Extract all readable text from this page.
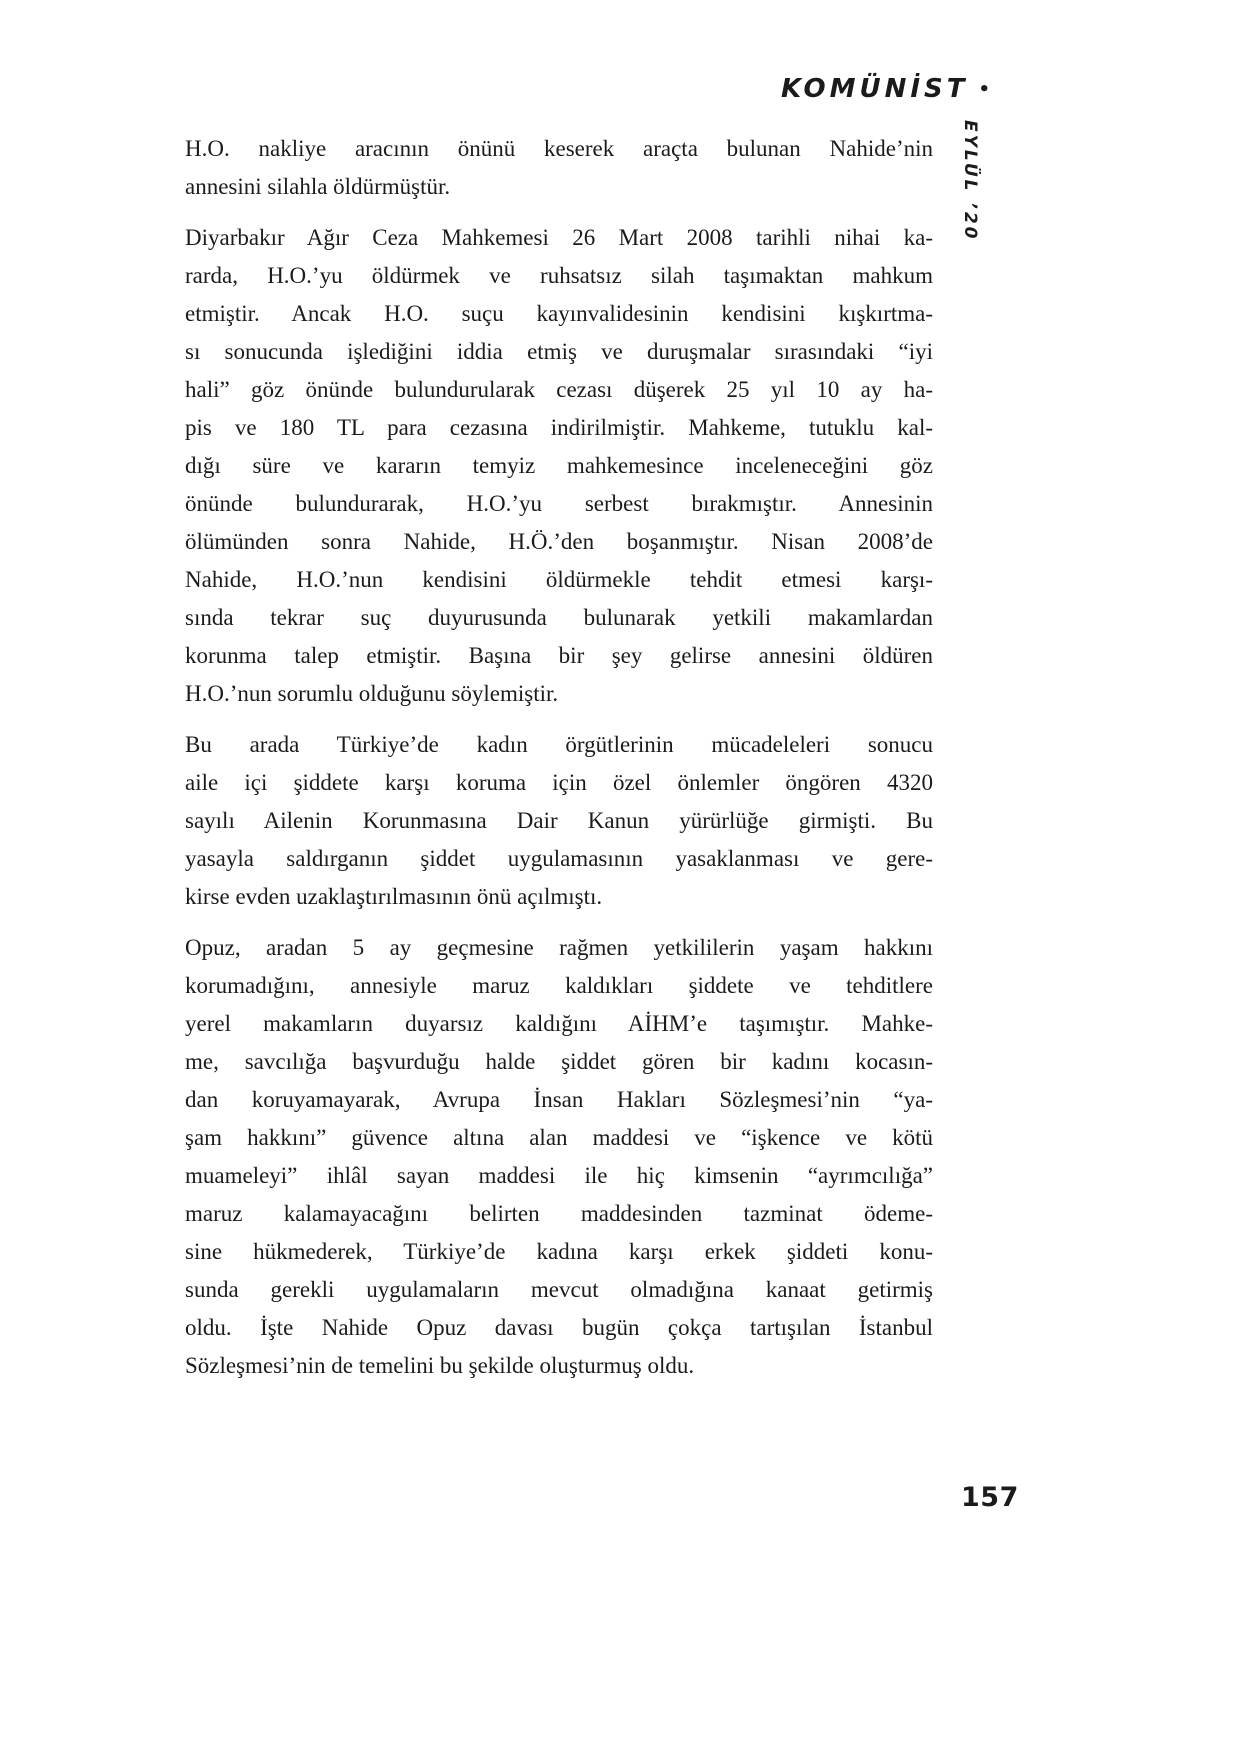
KOMÜNİST •
EYLÜL ’20
H.O. nakliye aracının önünü keserek araçta bulunan Nahide’nin
annesini silahla öldürmüştür.
Diyarbakır Ağır Ceza Mahkemesi 26 Mart 2008 tarihli nihai ka-
rarda, H.O.’yu öldürmek ve ruhsatsız silah taşımaktan mahkum
etmiştir. Ancak H.O. suçu kayınvalidesinin kendisini kışkırtma-
sı sonucunda işlediğini iddia etmiş ve duruşmalar sırasındaki “iyi
hali” göz önünde bulundurularak cezası düşerek 25 yıl 10 ay ha-
pis ve 180 TL para cezasına indirilmiştir. Mahkeme, tutuklu kal-
dığı süre ve kararın temyiz mahkemesince inceleneceğini göz
önünde bulundurarak, H.O.’yu serbest bırakmıştır. Annesinin
ölümünden sonra Nahide, H.Ö.’den boşanmıştır. Nisan 2008’de
Nahide, H.O.’nun kendisini öldürmekle tehdit etmesi karşı-
sında tekrar suç duyurusunda bulunarak yetkili makamlardan
korunma talep etmiştir. Başına bir şey gelirse annesini öldüren
H.O.’nun sorumlu olduğunu söylemiştir.
Bu arada Türkiye’de kadın örgütlerinin mücadeleleri sonucu
aile içi şiddete karşı koruma için özel önlemler öngören 4320
sayılı Ailenin Korunmasına Dair Kanun yürürlüğe girmişti. Bu
yasayla saldırganın şiddet uygulamasının yasaklanması ve gere-
kirse evden uzaklaştırılmasının önü açılmıştı.
Opuz, aradan 5 ay geçmesine rağmen yetkililerin yaşam hakkını
korumadığını, annesiyle maruz kaldıkları şiddete ve tehditlere
yerel makamların duyarsız kaldığını AİHM’e taşımıştır. Mahke-
me, savcılığa başvurduğu halde şiddet gören bir kadını kocasın-
dan koruyamayarak, Avrupa İnsan Hakları Sözleşmesi’nin “ya-
şam hakkını” güvence altına alan maddesi ve “işkence ve kötü
muameleyi” ihlâl sayan maddesi ile hiç kimsenin “ayrımcılığa”
maruz kalamayacağını belirten maddesinden tazminat ödeme-
sine hükmederek, Türkiye’de kadına karşı erkek şiddeti konu-
sunda gerekli uygulamaların mevcut olmadığına kanaat getirmiş
oldu. İşte Nahide Opuz davası bugün çokça tartışılan İstanbul
Sözleşmesi’nin de temelini bu şekilde oluşturmuş oldu.
157
